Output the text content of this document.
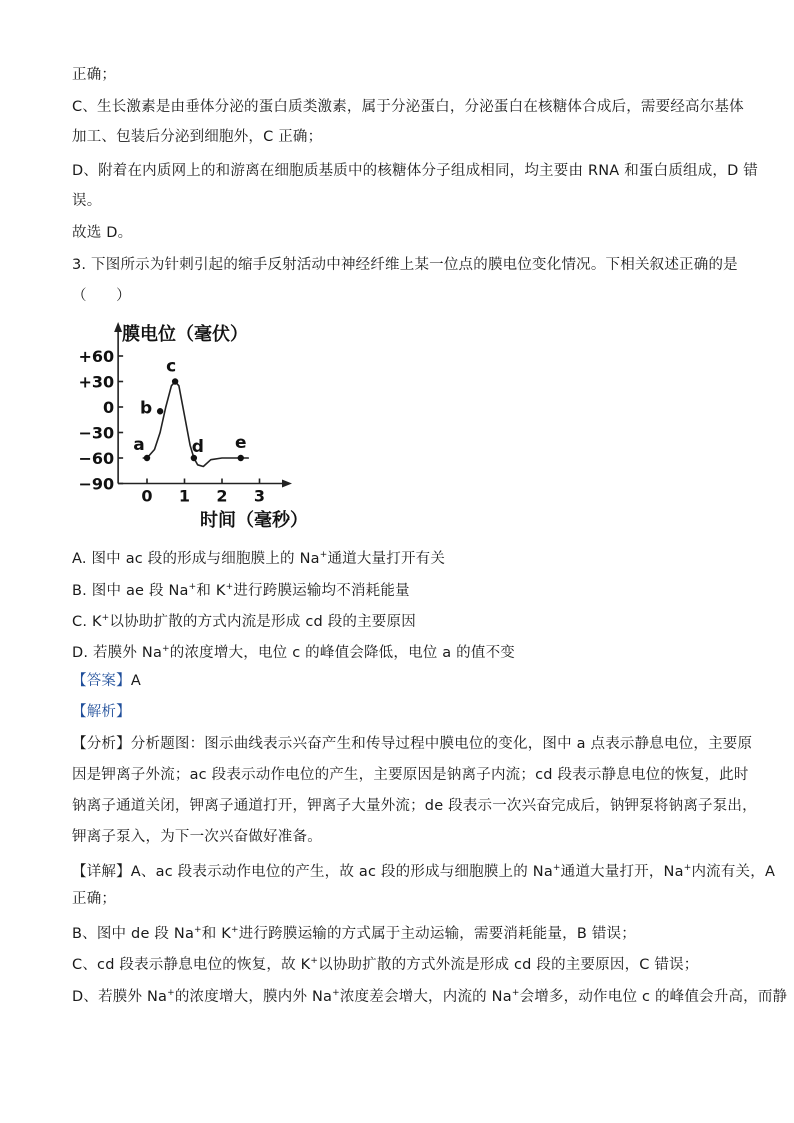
正确；
C、生长激素是由垂体分泌的蛋白质类激素，属于分泌蛋白，分泌蛋白在核糖体合成后，需要经高尔基体
加工、包装后分泌到细胞外，C 正确；
D、附着在内质网上的和游离在细胞质基质中的核糖体分子组成相同，均主要由 RNA 和蛋白质组成，D 错
误。
故选 D。
3. 下图所示为针刺引起的缩手反射活动中神经纤维上某一位点的膜电位变化情况。下相关叙述正确的是
（　　）
+60
+30
0
−30
−60
−90
0 1 2 3
膜电位（毫伏）
时间（毫秒）
a
b
c
d e
A. 图中 ac 段的形成与细胞膜上的 Na+通道大量打开有关
B. 图中 ae 段 Na+和 K+进行跨膜运输均不消耗能量
C. K+以协助扩散的方式内流是形成 cd 段的主要原因
D. 若膜外 Na+的浓度增大，电位 c 的峰值会降低，电位 a 的值不变
【答案】A
【解析】
【分析】分析题图：图示曲线表示兴奋产生和传导过程中膜电位的变化，图中 a 点表示静息电位，主要原
因是钾离子外流；ac 段表示动作电位的产生，主要原因是钠离子内流；cd 段表示静息电位的恢复，此时
钠离子通道关闭，钾离子通道打开，钾离子大量外流；de 段表示一次兴奋完成后，钠钾泵将钠离子泵出，
钾离子泵入，为下一次兴奋做好准备。
【详解】A、ac 段表示动作电位的产生，故 ac 段的形成与细胞膜上的 Na+通道大量打开，Na+内流有关，A
正确；
B、图中 de 段 Na+和 K+进行跨膜运输的方式属于主动运输，需要消耗能量，B 错误；
C、cd 段表示静息电位的恢复，故 K+以协助扩散的方式外流是形成 cd 段的主要原因，C 错误；
D、若膜外 Na+的浓度增大，膜内外 Na+浓度差会增大，内流的 Na+会增多，动作电位 c 的峰值会升高，而静
